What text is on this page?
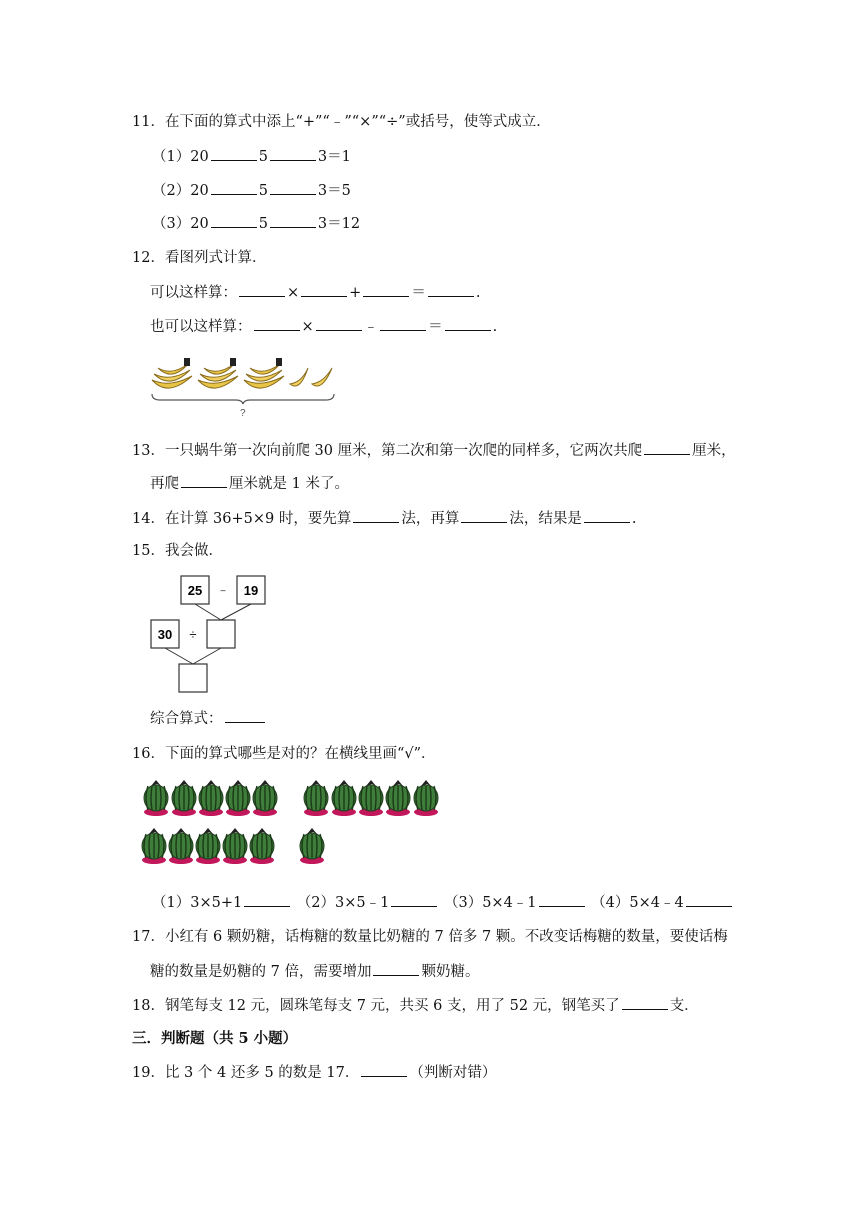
11．在下面的算式中添上“+”“﹣”“×”“÷”或括号，使等式成立．
（1）20	5	3＝1
（2）20	5	3＝5
（3）20	5	3＝12
12．看图列式计算．
可以这样算：	×	+	＝	.
也可以这样算：	×	﹣	＝	.
?
13．一只蜗牛第一次向前爬 30 厘米，第二次和第一次爬的同样多，它两次共爬	厘米，
再爬	厘米就是 1 米了。
14．在计算 36+5×9 时，要先算	法，再算	法，结果是	.
15．我会做．
25 ﹣ 19
30 ÷
综合算式：
16．下面的算式哪些是对的？在横线里画“√”．
（1）3×5+1	（2）3×5﹣1	（3）5×4﹣1	（4）5×4﹣4
17．小红有 6 颗奶糖，话梅糖的数量比奶糖的 7 倍多 7 颗。不改变话梅糖的数量，要使话梅
糖的数量是奶糖的 7 倍，需要增加	颗奶糖。
18．钢笔每支 12 元，圆珠笔每支 7 元，共买 6 支，用了 52 元，钢笔买了	支．
三．判断题（共 5 小题）
19．比 3 个 4 还多 5 的数是 17．	（判断对错）
